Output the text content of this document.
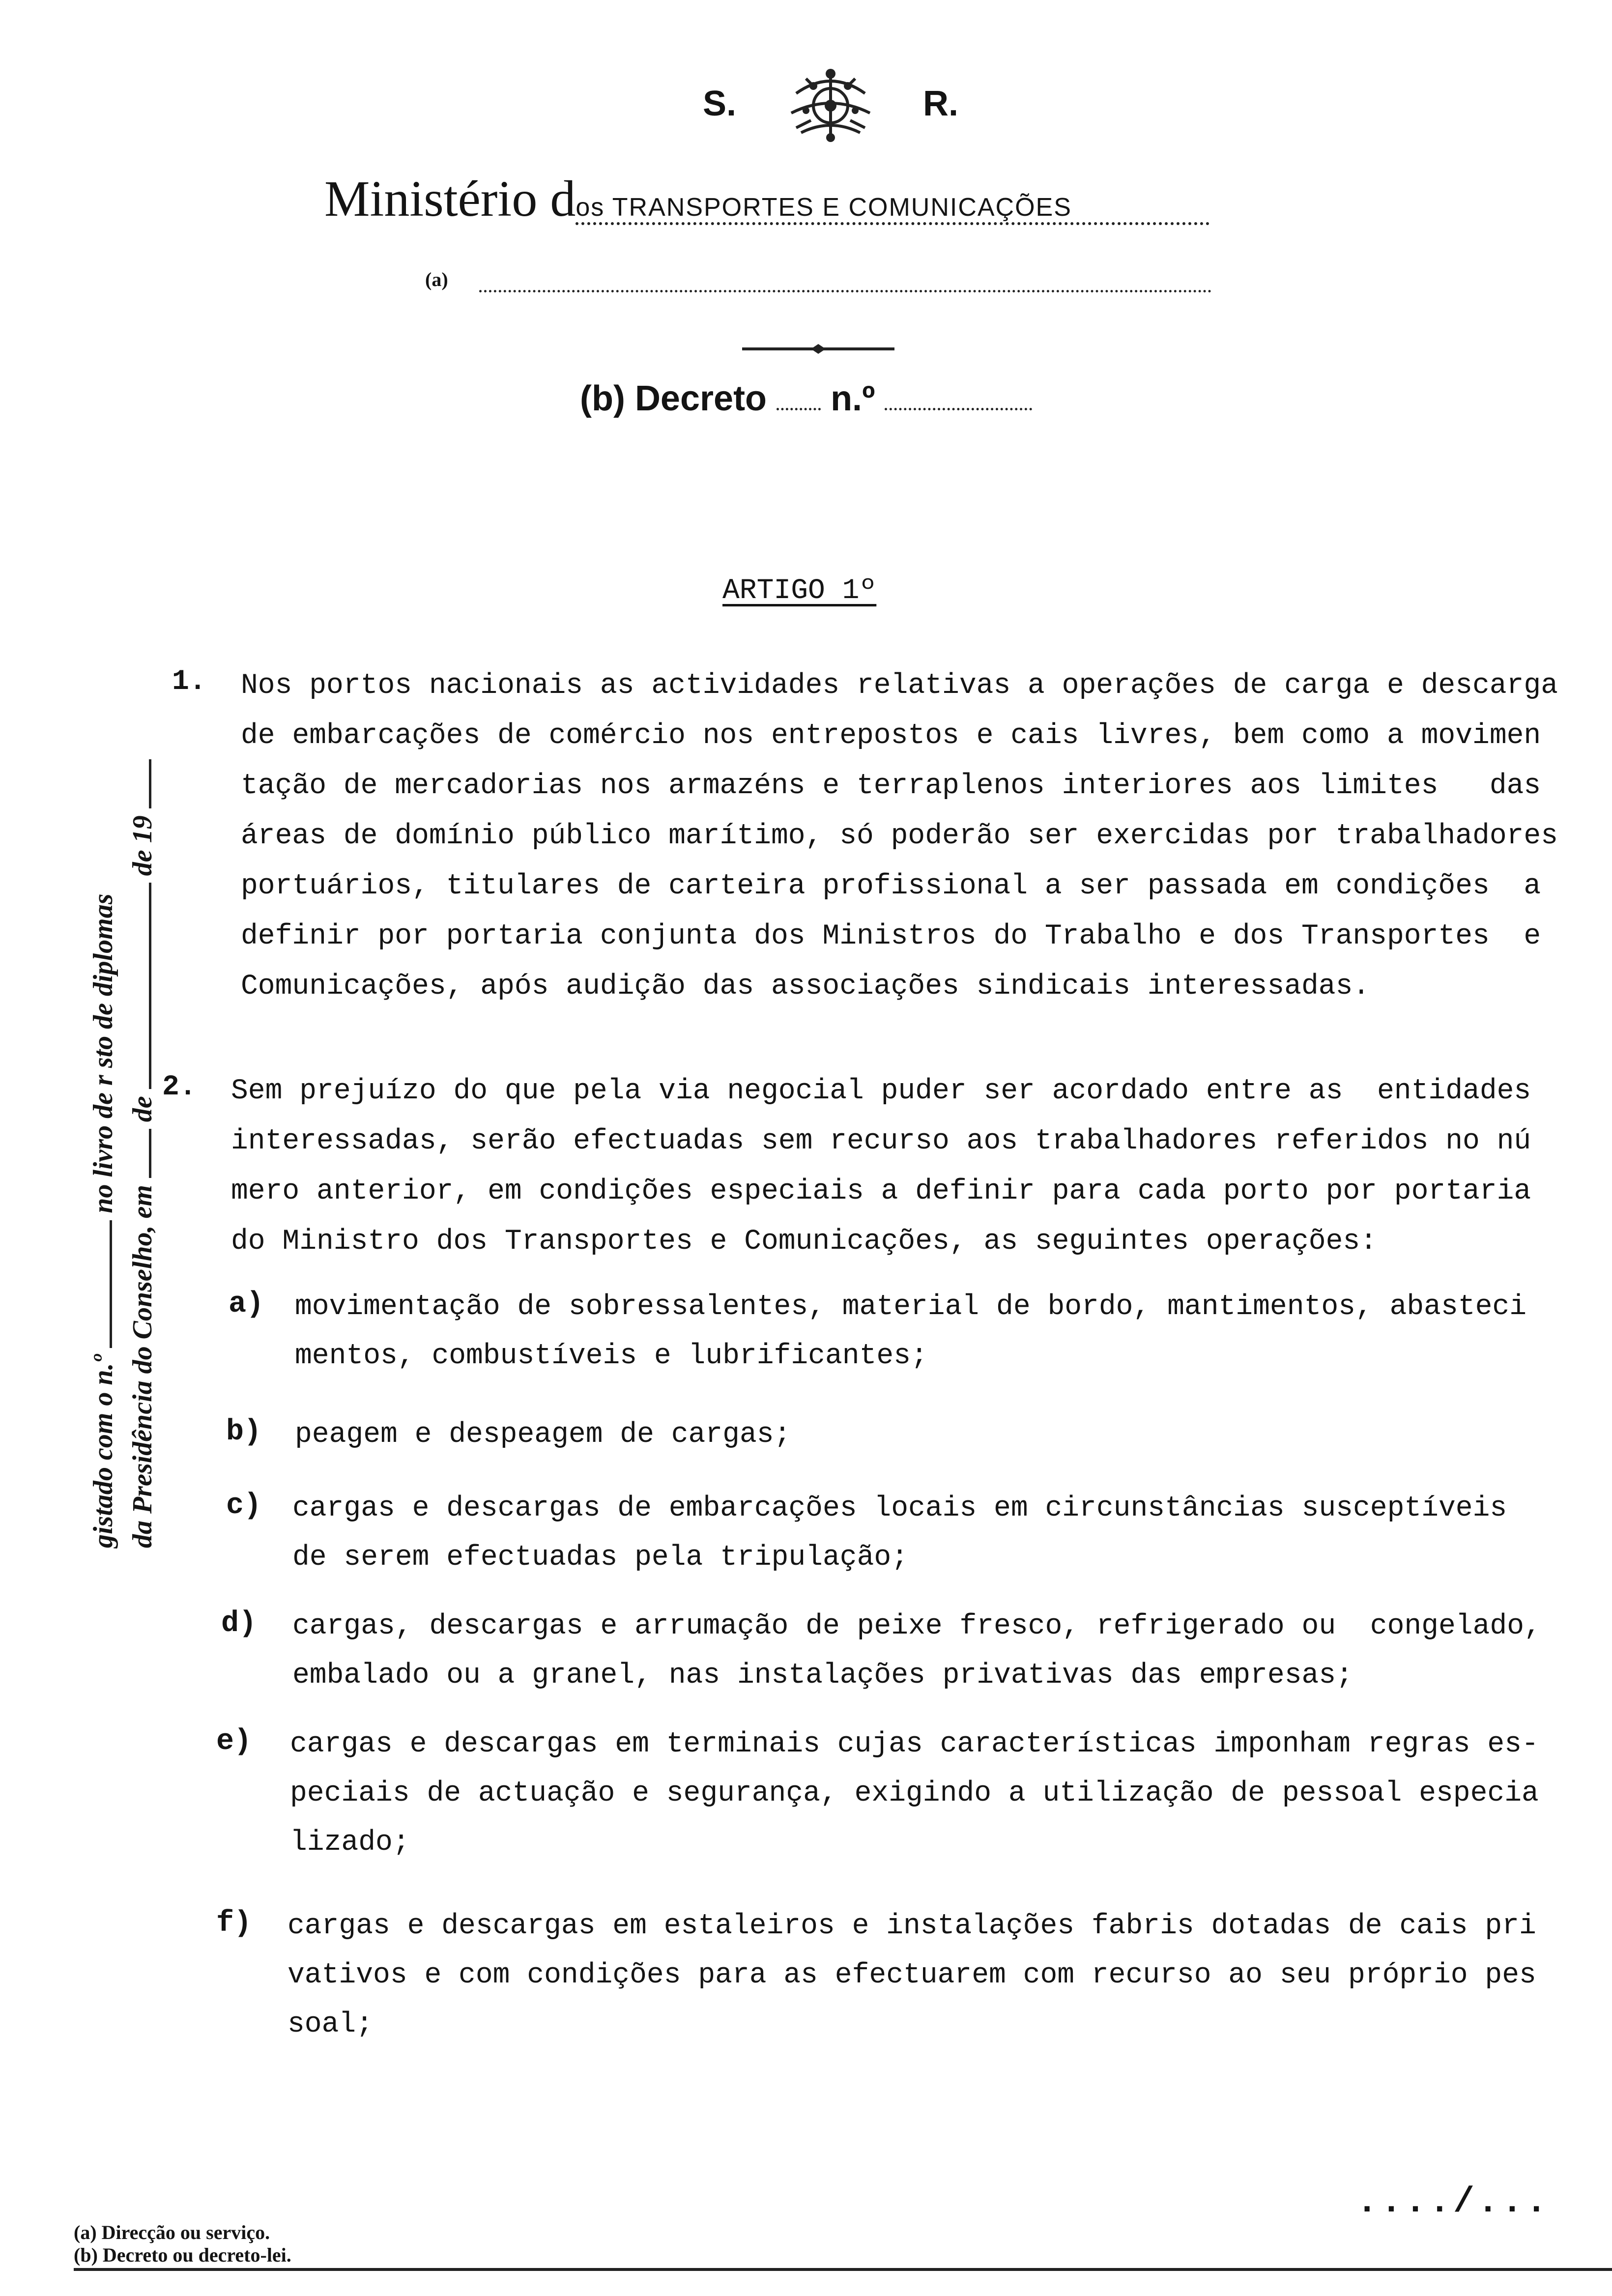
S.	R.
Ministério dos TRANSPORTES E COMUNICAÇÕES
(a)
(b) Decreto n.º
gistado com o n.º  no livro de r sto de diplomas
da Presidência do Conselho, em  de  de 19
ARTIGO 1º
1. Nos portos nacionais as actividades relativas a operações de carga e descarga
de embarcações de comércio nos entrepostos e cais livres, bem como a movimen
tação de mercadorias nos armazéns e terraplenos interiores aos limites   das
áreas de domínio público marítimo, só poderão ser exercidas por trabalhadores
portuários, titulares de carteira profissional a ser passada em condições  a
definir por portaria conjunta dos Ministros do Trabalho e dos Transportes  e
Comunicações, após audição das associações sindicais interessadas.
2. Sem prejuízo do que pela via negocial puder ser acordado entre as  entidades
interessadas, serão efectuadas sem recurso aos trabalhadores referidos no nú
mero anterior, em condições especiais a definir para cada porto por portaria
do Ministro dos Transportes e Comunicações, as seguintes operações:
a) movimentação de sobressalentes, material de bordo, mantimentos, abasteci
mentos, combustíveis e lubrificantes;
b) peagem e despeagem de cargas;
c) cargas e descargas de embarcações locais em circunstâncias susceptíveis
de serem efectuadas pela tripulação;
d) cargas, descargas e arrumação de peixe fresco, refrigerado ou  congelado,
embalado ou a granel, nas instalações privativas das empresas;
e) cargas e descargas em terminais cujas características imponham regras es-
peciais de actuação e segurança, exigindo a utilização de pessoal especia
lizado;
f) cargas e descargas em estaleiros e instalações fabris dotadas de cais pri
vativos e com condições para as efectuarem com recurso ao seu próprio pes
soal;
..../...
(a) Direcção ou serviço.
(b) Decreto ou decreto-lei.
